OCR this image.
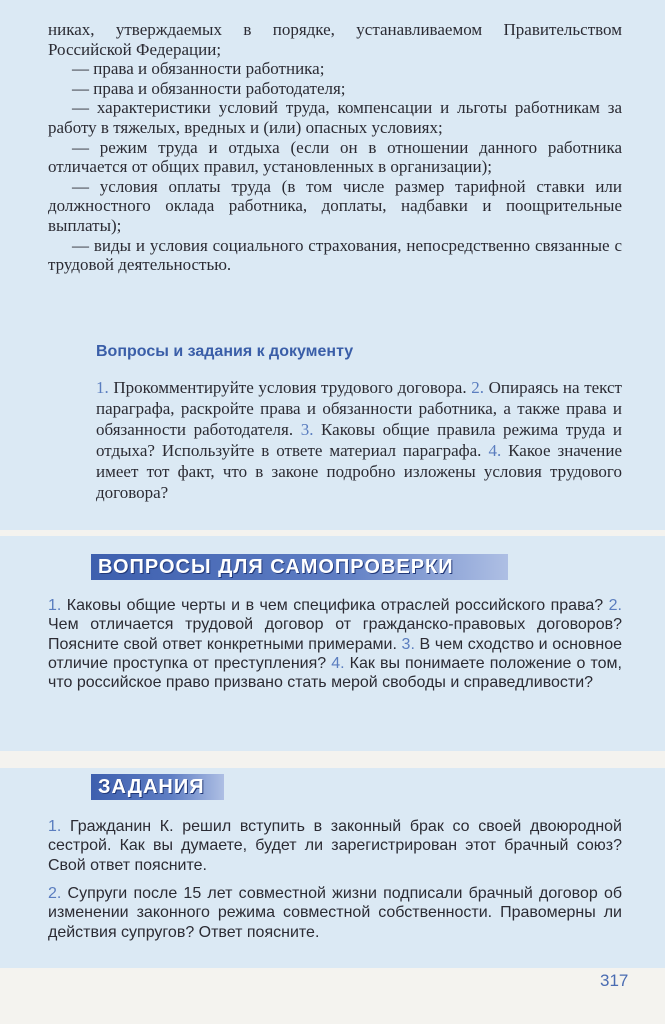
никах, утверждаемых в порядке, устанавливаемом Правительством Российской Федерации;

— права и обязанности работника;

— права и обязанности работодателя;

— характеристики условий труда, компенсации и льготы работникам за работу в тяжелых, вредных и (или) опасных условиях;

— режим труда и отдыха (если он в отношении данного работника отличается от общих правил, установленных в организации);

— условия оплаты труда (в том числе размер тарифной ставки или должностного оклада работника, доплаты, надбавки и поощрительные выплаты);

— виды и условия социального страхования, непосредственно связанные с трудовой деятельностью.

Вопросы и задания к документу
1. Прокомментируйте условия трудового договора. 2. Опираясь на текст параграфа, раскройте права и обязанности работника, а также права и обязанности работодателя. 3. Каковы общие правила режима труда и отдыха? Используйте в ответе материал параграфа. 4. Какое значение имеет тот факт, что в законе подробно изложены условия трудового договора?
ВОПРОСЫ ДЛЯ САМОПРОВЕРКИ
1. Каковы общие черты и в чем специфика отраслей российского права? 2. Чем отличается трудовой договор от гражданско-правовых договоров? Поясните свой ответ конкретными примерами. 3. В чем сходство и основное отличие проступка от преступления? 4. Как вы понимаете положение о том, что российское право призвано стать мерой свободы и справедливости?
ЗАДАНИЯ
1. Гражданин К. решил вступить в законный брак со своей двоюродной сестрой. Как вы думаете, будет ли зарегистрирован этот брачный союз? Свой ответ поясните.
2. Супруги после 15 лет совместной жизни подписали брачный договор об изменении законного режима совместной собственности. Правомерны ли действия супругов? Ответ поясните.
317
